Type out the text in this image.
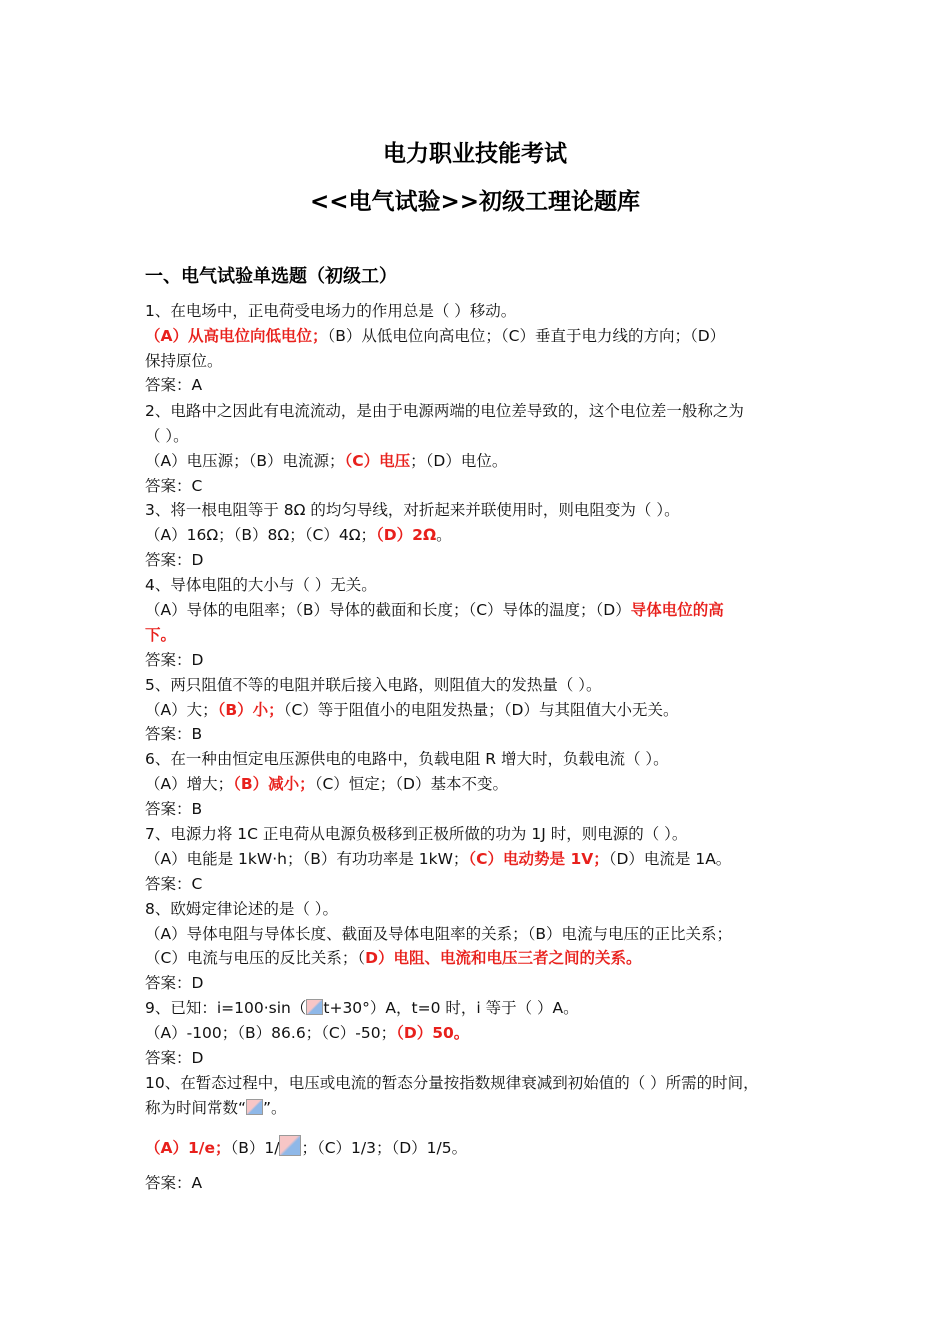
电力职业技能考试
<<电气试验>>初级工理论题库
一、电气试验单选题（初级工）
1、在电场中，正电荷受电场力的作用总是（ ）移动。
（A）从高电位向低电位；（B）从低电位向高电位；（C）垂直于电力线的方向；（D）
保持原位。
答案：A
2、电路中之因此有电流流动，是由于电源两端的电位差导致的，这个电位差一般称之为
（ ）。
（A）电压源；（B）电流源；（C）电压；（D）电位。
答案：C
3、将一根电阻等于 8Ω 的均匀导线，对折起来并联使用时，则电阻变为（ ）。
（A）16Ω；（B）8Ω；（C）4Ω；（D）2Ω。
答案：D
4、导体电阻的大小与（ ）无关。
（A）导体的电阻率；（B）导体的截面和长度；（C）导体的温度；（D）导体电位的高
下。
答案：D
5、两只阻值不等的电阻并联后接入电路，则阻值大的发热量（ ）。
（A）大；（B）小；（C）等于阻值小的电阻发热量；（D）与其阻值大小无关。
答案：B
6、在一种由恒定电压源供电的电路中，负载电阻 R 增大时，负载电流（ ）。
（A）增大；（B）减小；（C）恒定；（D）基本不变。
答案：B
7、电源力将 1C 正电荷从电源负极移到正极所做的功为 1J 时，则电源的（ ）。
（A）电能是 1kW·h；（B）有功功率是 1kW；（C）电动势是 1V；（D）电流是 1A。
答案：C
8、欧姆定律论述的是（ ）。
（A）导体电阻与导体长度、截面及导体电阻率的关系；（B）电流与电压的正比关系；
（C）电流与电压的反比关系；（D）电阻、电流和电压三者之间的关系。
答案：D
9、已知：i=100·sin（ t+30°）A，t=0 时，i 等于（ ）A。
（A）-100；（B）86.6；（C）-50；（D）50。
答案：D
10、在暂态过程中，电压或电流的暂态分量按指数规律衰减到初始值的（ ）所需的时间，
称为时间常数“ ”。
（A）1/e；（B）1/ ；（C）1/3；（D）1/5。
答案：A
